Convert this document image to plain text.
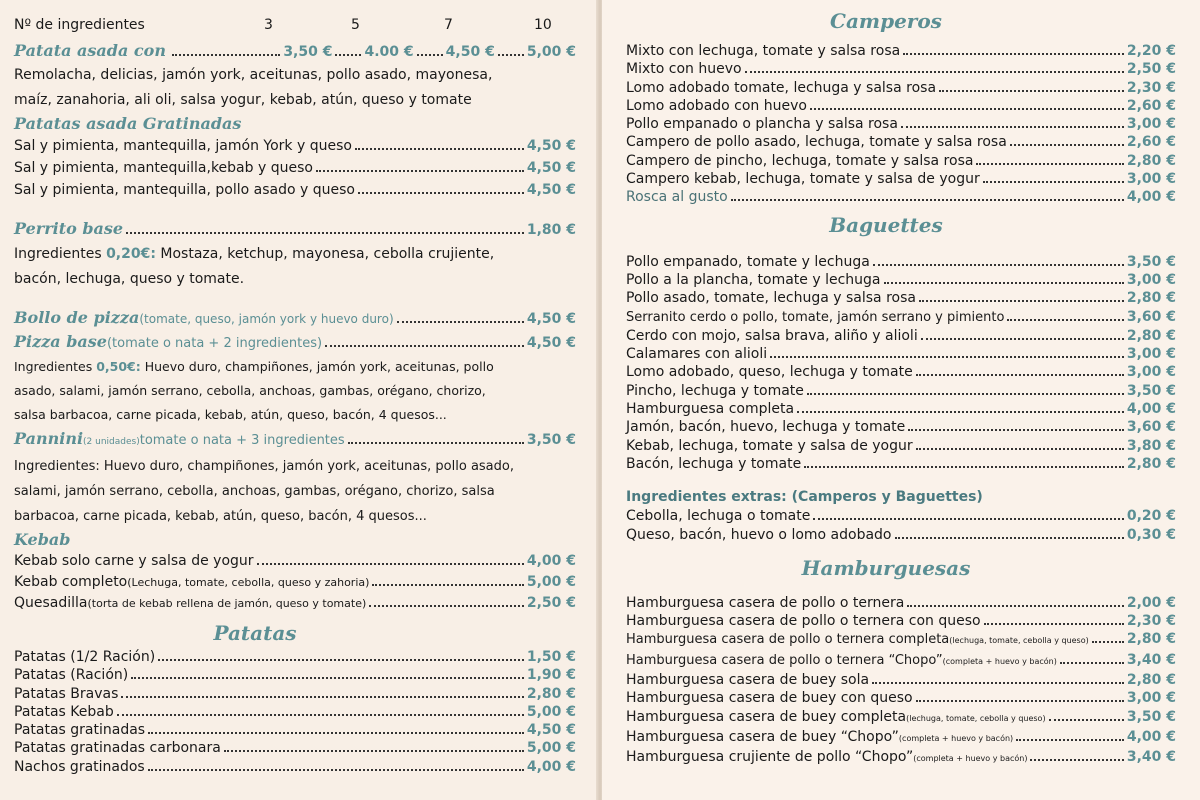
Nº de ingredientes	3	5	7	10
Patata asada con	3,50 € 4.00 € 4,50 € 5,00 €
Remolacha, delicias, jamón york, aceitunas, pollo asado, mayonesa,
maíz, zanahoria, ali oli, salsa yogur, kebab, atún, queso y tomate
Patatas asada Gratinadas
Sal y pimienta, mantequilla, jamón York y queso	4,50 €
Sal y pimienta, mantequilla,kebab y queso	4,50 €
Sal y pimienta, mantequilla, pollo asado y queso	4,50 €
Perrito base	1,80 €
Ingredientes 0,20€: Mostaza, ketchup, mayonesa, cebolla crujiente,
bacón, lechuga, queso y tomate.
Bollo de pizza (tomate, queso, jamón york y huevo duro)	4,50 €
Pizza base (tomate o nata + 2 ingredientes)	4,50 €
Ingredientes 0,50€: Huevo duro, champiñones, jamón york, aceitunas, pollo
asado, salami, jamón serrano, cebolla, anchoas, gambas, orégano, chorizo,
salsa barbacoa, carne picada, kebab, atún, queso, bacón, 4 quesos...
Pannini (2 unidades) tomate o nata + 3 ingredientes	3,50 €
Ingredientes: Huevo duro, champiñones, jamón york, aceitunas, pollo asado,
salami, jamón serrano, cebolla, anchoas, gambas, orégano, chorizo, salsa
barbacoa, carne picada, kebab, atún, queso, bacón, 4 quesos...
Kebab
Kebab solo carne y salsa de yogur	4,00 €
Kebab completo (Lechuga, tomate, cebolla, queso y zahoria)	5,00 €
Quesadilla (torta de kebab rellena de jamón, queso y tomate)	2,50 €
Patatas
Patatas (1/2 Ración)	1,50 €
Patatas (Ración)	1,90 €
Patatas Bravas	2,80 €
Patatas Kebab	5,00 €
Patatas gratinadas	4,50 €
Patatas gratinadas carbonara	5,00 €
Nachos gratinados	4,00 €
Camperos
Mixto con lechuga, tomate y salsa rosa	2,20 €
Mixto con huevo	2,50 €
Lomo adobado tomate, lechuga y salsa rosa	2,30 €
Lomo adobado con huevo	2,60 €
Pollo empanado o plancha y salsa rosa	3,00 €
Campero de pollo asado, lechuga, tomate y salsa rosa	2,60 €
Campero de pincho, lechuga, tomate y salsa rosa	2,80 €
Campero kebab, lechuga, tomate y salsa de yogur	3,00 €
Rosca al gusto	4,00 €
Baguettes
Pollo empanado, tomate y lechuga	3,50 €
Pollo a la plancha, tomate y lechuga	3,00 €
Pollo asado, tomate, lechuga y salsa rosa	2,80 €
Serranito cerdo o pollo, tomate, jamón serrano y pimiento	3,60 €
Cerdo con mojo, salsa brava, aliño y alioli	2,80 €
Calamares con alioli	3,00 €
Lomo adobado, queso, lechuga y tomate	3,00 €
Pincho, lechuga y tomate	3,50 €
Hamburguesa completa	4,00 €
Jamón, bacón, huevo, lechuga y tomate	3,60 €
Kebab, lechuga, tomate y salsa de yogur	3,80 €
Bacón, lechuga y tomate	2,80 €
Ingredientes extras: (Camperos y Baguettes)
Cebolla, lechuga o tomate	0,20 €
Queso, bacón, huevo o lomo adobado	0,30 €
Hamburguesas
Hamburguesa casera de pollo o ternera	2,00 €
Hamburguesa casera de pollo o ternera con queso	2,30 €
Hamburguesa casera de pollo o ternera completa (lechuga, tomate, cebolla y queso)	2,80 €
Hamburguesa casera de pollo o ternera “Chopo” (completa + huevo y bacón)	3,40 €
Hamburguesa casera de buey sola	2,80 €
Hamburguesa casera de buey con queso	3,00 €
Hamburguesa casera de buey completa (lechuga, tomate, cebolla y queso)	3,50 €
Hamburguesa casera de buey “Chopo” (completa + huevo y bacón)	4,00 €
Hamburguesa crujiente de pollo “Chopo” (completa + huevo y bacón)	3,40 €
